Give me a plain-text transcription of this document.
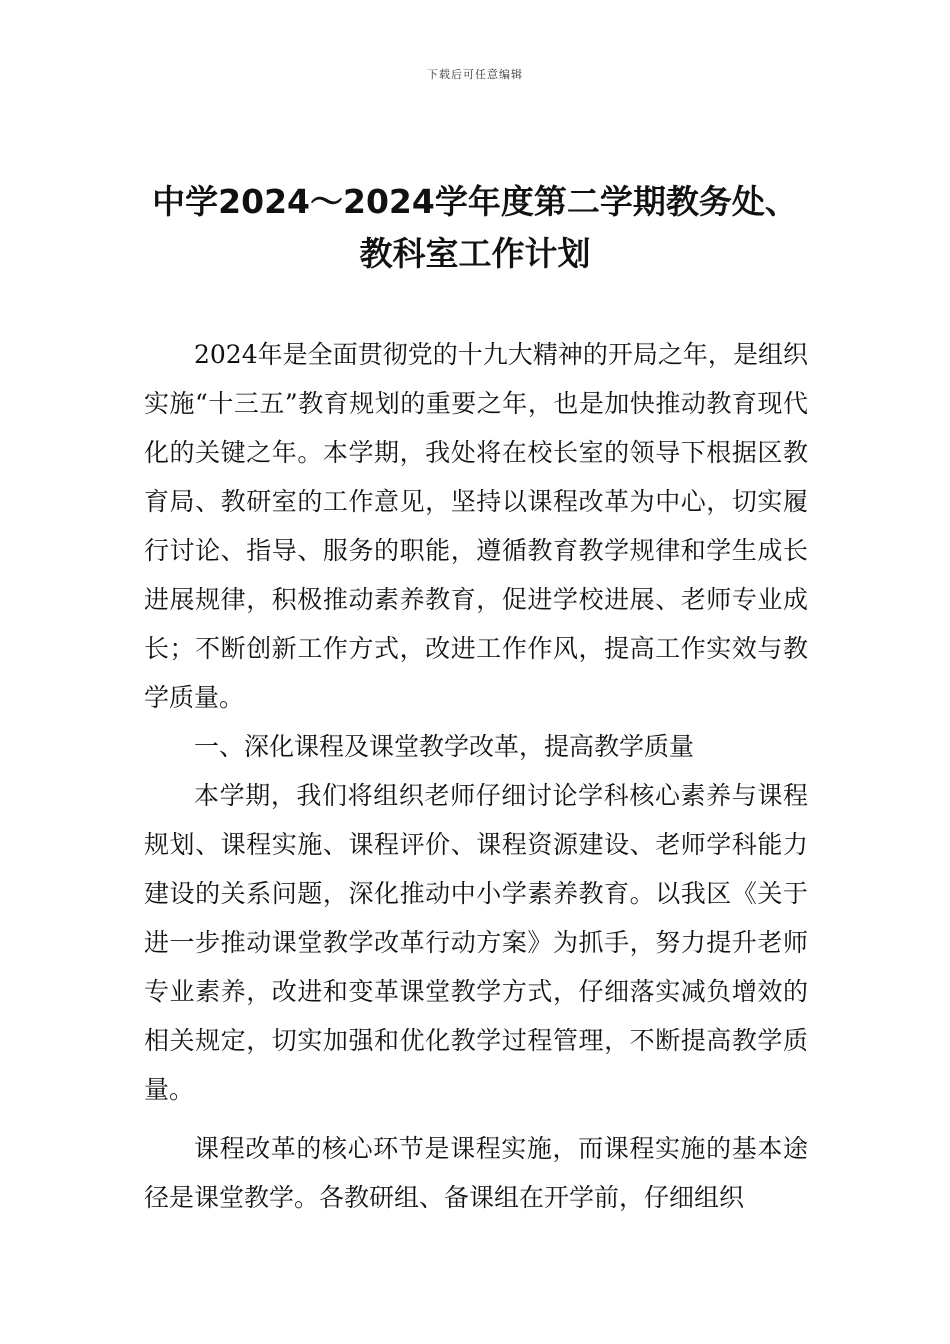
下载后可任意编辑
中学2024～2024学年度第二学期教务处、
教科室工作计划

2024年是全面贯彻党的十九大精神的开局之年，是组织实施“十三五”教育规划的重要之年，也是加快推动教育现代化的关键之年。本学期，我处将在校长室的领导下根据区教育局、教研室的工作意见，坚持以课程改革为中心，切实履行讨论、指导、服务的职能，遵循教育教学规律和学生成长进展规律，积极推动素养教育，促进学校进展、老师专业成长；不断创新工作方式，改进工作作风，提高工作实效与教学质量。

一、深化课程及课堂教学改革，提高教学质量

本学期，我们将组织老师仔细讨论学科核心素养与课程规划、课程实施、课程评价、课程资源建设、老师学科能力建设的关系问题，深化推动中小学素养教育。以我区《关于进一步推动课堂教学改革行动方案》为抓手，努力提升老师专业素养，改进和变革课堂教学方式，仔细落实减负增效的相关规定，切实加强和优化教学过程管理，不断提高教学质量。

课程改革的核心环节是课程实施，而课程实施的基本途径是课堂教学。各教研组、备课组在开学前，仔细组织
